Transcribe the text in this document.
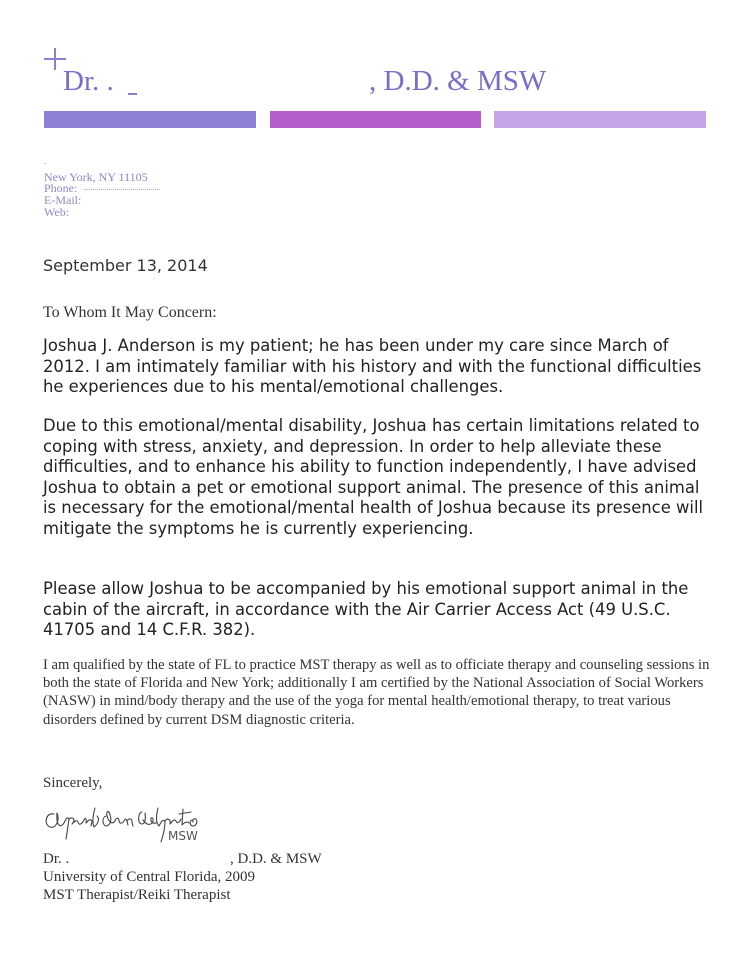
Dr. .	, D.D. & MSW
.
New York, NY 11105
Phone:
E-Mail:
Web:
September 13, 2014
To Whom It May Concern:

Joshua J. Anderson is my patient; he has been under my care since March of 2012. I am intimately familiar with his history and with the functional difficulties he experiences due to his mental/emotional challenges.

Due to this emotional/mental disability, Joshua has certain limitations related to coping with stress, anxiety, and depression. In order to help alleviate these difficulties, and to enhance his ability to function independently, I have advised Joshua to obtain a pet or emotional support animal. The presence of this animal is necessary for the emotional/mental health of Joshua because its presence will mitigate the symptoms he is currently experiencing.

Please allow Joshua to be accompanied by his emotional support animal in the cabin of the aircraft, in accordance with the Air Carrier Access Act (49 U.S.C. 41705 and 14 C.F.R. 382).

I am qualified by the state of FL to practice MST therapy as well as to officiate therapy and counseling sessions in both the state of Florida and New York; additionally I am certified by the National Association of Social Workers (NASW) in mind/body therapy and the use of the yoga for mental health/emotional therapy, to treat various disorders defined by current DSM diagnostic criteria.

Sincerely,
MSW
Dr. .	, D.D. & MSW
University of Central Florida, 2009
MST Therapist/Reiki Therapist
